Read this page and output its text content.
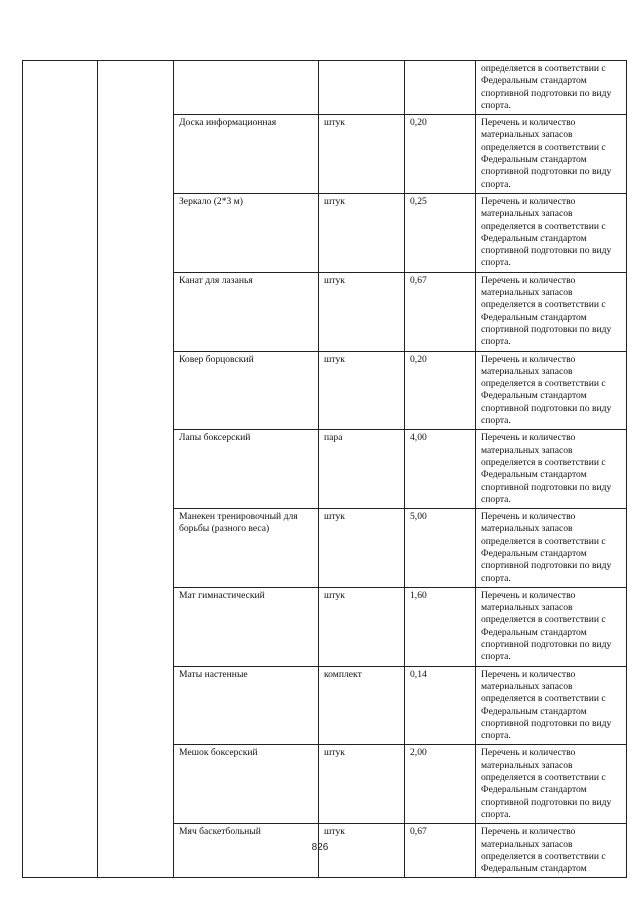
					определяется в соответствии с Федеральным стандартом спортивной подготовки по виду спорта.
		Доска информационная	штук	0,20	Перечень и количество материальных запасов определяется в соответствии с Федеральным стандартом спортивной подготовки по виду спорта.
		Зеркало (2*3 м)	штук	0,25	Перечень и количество материальных запасов определяется в соответствии с Федеральным стандартом спортивной подготовки по виду спорта.
		Канат для лазанья	штук	0,67	Перечень и количество материальных запасов определяется в соответствии с Федеральным стандартом спортивной подготовки по виду спорта.
		Ковер борцовский	штук	0,20	Перечень и количество материальных запасов определяется в соответствии с Федеральным стандартом спортивной подготовки по виду спорта.
		Лапы боксерский	пара	4,00	Перечень и количество материальных запасов определяется в соответствии с Федеральным стандартом спортивной подготовки по виду спорта.
		Манекен тренировочный для борьбы (разного веса)	штук	5,00	Перечень и количество материальных запасов определяется в соответствии с Федеральным стандартом спортивной подготовки по виду спорта.
		Мат гимнастический	штук	1,60	Перечень и количество материальных запасов определяется в соответствии с Федеральным стандартом спортивной подготовки по виду спорта.
		Маты настенные	комплект	0,14	Перечень и количество материальных запасов определяется в соответствии с Федеральным стандартом спортивной подготовки по виду спорта.
		Мешок боксерский	штук	2,00	Перечень и количество материальных запасов определяется в соответствии с Федеральным стандартом спортивной подготовки по виду спорта.
		Мяч баскетбольный	штук	0,67	Перечень и количество материальных запасов определяется в соответствии с Федеральным стандартом
826
